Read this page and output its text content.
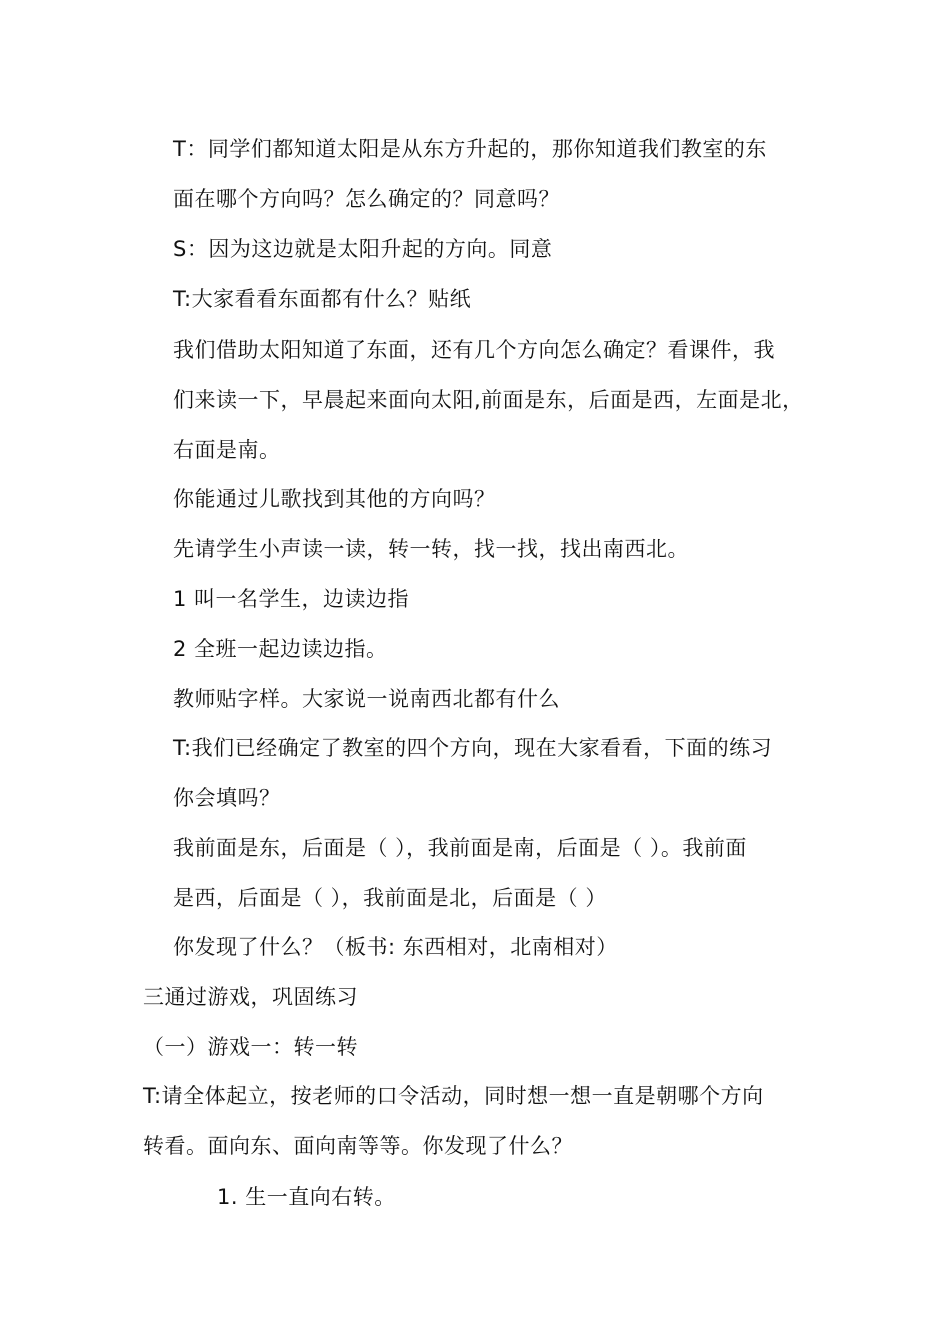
T：同学们都知道太阳是从东方升起的，那你知道我们教室的东
面在哪个方向吗？怎么确定的？同意吗？
S：因为这边就是太阳升起的方向。同意
T:大家看看东面都有什么？贴纸
我们借助太阳知道了东面，还有几个方向怎么确定？看课件，我
们来读一下，早晨起来面向太阳,前面是东，后面是西，左面是北，
右面是南。
你能通过儿歌找到其他的方向吗？
先请学生小声读一读，转一转，找一找，找出南西北。
1 叫一名学生，边读边指
2 全班一起边读边指。
教师贴字样。大家说一说南西北都有什么
T:我们已经确定了教室的四个方向，现在大家看看，下面的练习
你会填吗？
我前面是东，后面是（ ），我前面是南，后面是（ ）。我前面
是西，后面是（ ），我前面是北，后面是（ ）
你发现了什么？（板书: 东西相对，北南相对）
三通过游戏，巩固练习
（一）游戏一：转一转
T:请全体起立，按老师的口令活动，同时想一想一直是朝哪个方向
转看。面向东、面向南等等。你发现了什么？
1. 生一直向右转。
